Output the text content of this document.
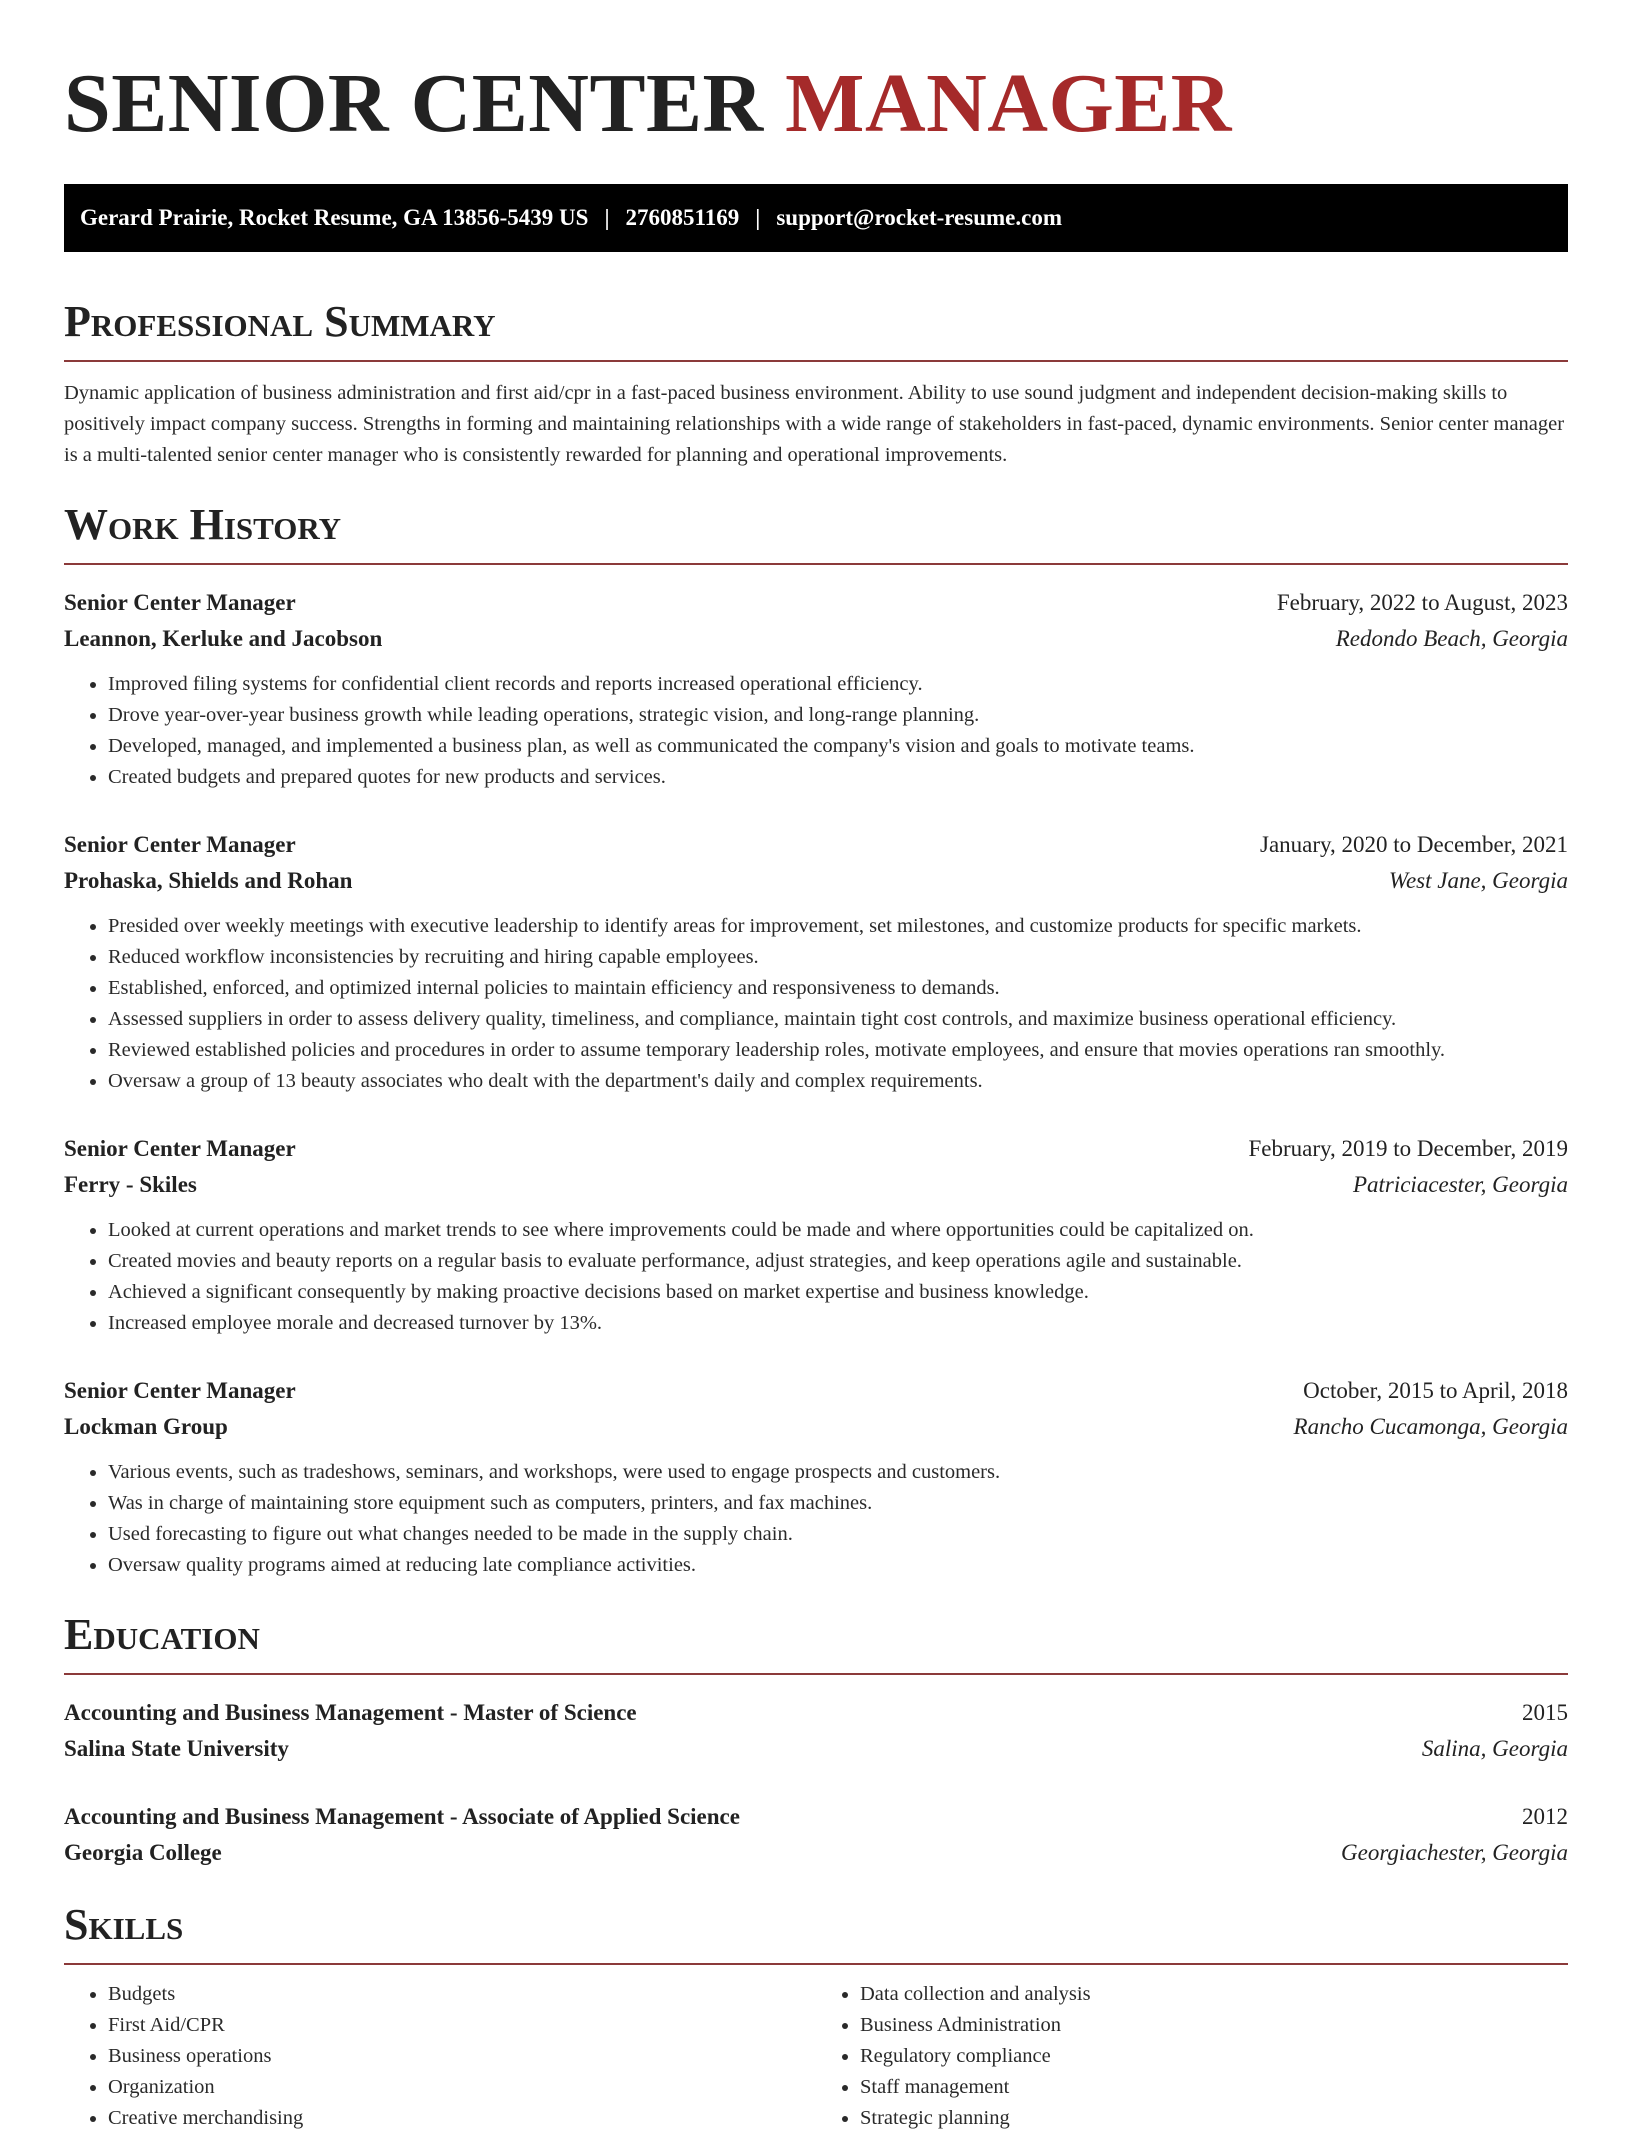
SENIOR CENTER MANAGER
Gerard Prairie, Rocket Resume, GA 13856-5439 US | 2760851169 | support@rocket-resume.com
Professional Summary
Dynamic application of business administration and first aid/cpr in a fast-paced business environment. Ability to use sound judgment and independent decision-making skills to positively impact company success. Strengths in forming and maintaining relationships with a wide range of stakeholders in fast-paced, dynamic environments. Senior center manager is a multi-talented senior center manager who is consistently rewarded for planning and operational improvements.
Work History
Senior Center Manager	February, 2022 to August, 2023
Leannon, Kerluke and Jacobson	Redondo Beach, Georgia
• Improved filing systems for confidential client records and reports increased operational efficiency.
• Drove year-over-year business growth while leading operations, strategic vision, and long-range planning.
• Developed, managed, and implemented a business plan, as well as communicated the company's vision and goals to motivate teams.
• Created budgets and prepared quotes for new products and services.
Senior Center Manager	January, 2020 to December, 2021
Prohaska, Shields and Rohan	West Jane, Georgia
• Presided over weekly meetings with executive leadership to identify areas for improvement, set milestones, and customize products for specific markets.
• Reduced workflow inconsistencies by recruiting and hiring capable employees.
• Established, enforced, and optimized internal policies to maintain efficiency and responsiveness to demands.
• Assessed suppliers in order to assess delivery quality, timeliness, and compliance, maintain tight cost controls, and maximize business operational efficiency.
• Reviewed established policies and procedures in order to assume temporary leadership roles, motivate employees, and ensure that movies operations ran smoothly.
• Oversaw a group of 13 beauty associates who dealt with the department's daily and complex requirements.
Senior Center Manager	February, 2019 to December, 2019
Ferry - Skiles	Patriciacester, Georgia
• Looked at current operations and market trends to see where improvements could be made and where opportunities could be capitalized on.
• Created movies and beauty reports on a regular basis to evaluate performance, adjust strategies, and keep operations agile and sustainable.
• Achieved a significant consequently by making proactive decisions based on market expertise and business knowledge.
• Increased employee morale and decreased turnover by 13%.
Senior Center Manager	October, 2015 to April, 2018
Lockman Group	Rancho Cucamonga, Georgia
• Various events, such as tradeshows, seminars, and workshops, were used to engage prospects and customers.
• Was in charge of maintaining store equipment such as computers, printers, and fax machines.
• Used forecasting to figure out what changes needed to be made in the supply chain.
• Oversaw quality programs aimed at reducing late compliance activities.
Education
Accounting and Business Management - Master of Science	2015
Salina State University	Salina, Georgia
Accounting and Business Management - Associate of Applied Science	2012
Georgia College	Georgiachester, Georgia
Skills
• Budgets
• First Aid/CPR
• Business operations
• Organization
• Creative merchandising
• Data collection and analysis
• Business Administration
• Regulatory compliance
• Staff management
• Strategic planning
